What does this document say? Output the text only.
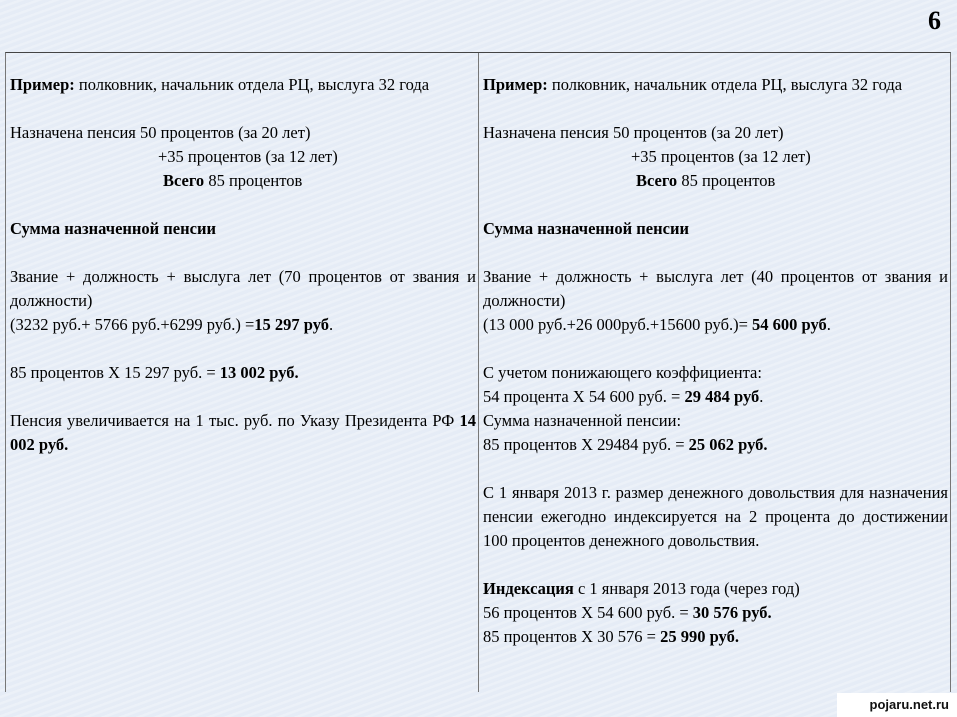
6

Пример: полковник, начальник отдела РЦ, выслуга 32 года

Назначена пенсия 50 процентов (за 20 лет)

+35 процентов (за 12 лет)

Всего 85 процентов

Сумма назначенной пенсии

Звание + должность + выслуга лет (70 процентов от звания и должности)

(3232 руб.+ 5766 руб.+6299 руб.) =15 297 руб.

85 процентов Х 15 297 руб. = 13 002 руб.

Пенсия увеличивается на 1 тыс. руб. по Указу Президента РФ 14 002 руб.

Пример: полковник, начальник отдела РЦ, выслуга 32 года

Назначена пенсия 50 процентов (за 20 лет)

+35 процентов (за 12 лет)

Всего 85 процентов

Сумма назначенной пенсии

Звание + должность + выслуга лет (40 процентов от звания и должности)

(13 000 руб.+26 000руб.+15600 руб.)= 54 600 руб.

С учетом понижающего коэффициента:

54 процента Х 54 600 руб. = 29 484 руб.

Сумма назначенной пенсии:

85 процентов Х 29484 руб. = 25 062 руб.

С 1 января 2013 г. размер денежного довольствия для назначения пенсии ежегодно индексируется на 2 процента до достижении 100 процентов денежного довольствия.

Индексация с 1 января 2013 года (через год)

56 процентов Х 54 600 руб. = 30 576 руб.

85 процентов Х 30 576 = 25 990 руб.

pojaru.net.ru
